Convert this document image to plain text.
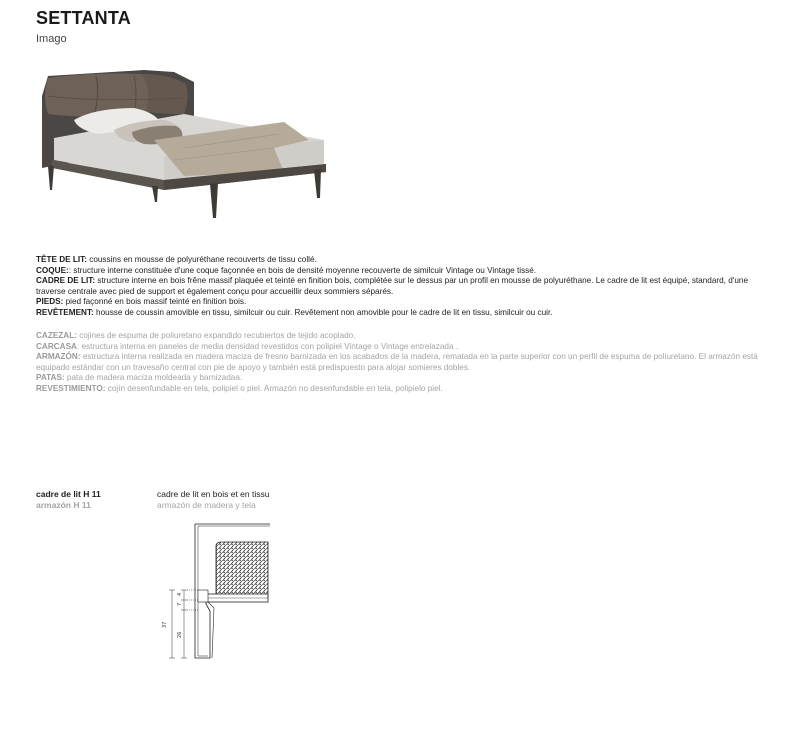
SETTANTA
Imago

TÊTE DE LIT: coussins en mousse de polyuréthane recouverts de tissu collé.

COQUE:: structure interne constituée d'une coque façonnée en bois de densité moyenne recouverte de similcuir Vintage ou Vintage tissé.

CADRE DE LIT: structure interne en bois frêne massif plaquée et teinté en finition bois, complétée sur le dessus par un profil en mousse de polyuréthane. Le cadre de lit est équipé, standard, d'une traverse centrale avec pied de support et également conçu pour accueillir deux sommiers séparés.

PIEDS: pied façonné en bois massif teinté en finition bois.

REVÊTEMENT: housse de coussin amovible en tissu, similcuir ou cuir. Revêtement non amovible pour le cadre de lit en tissu, similcuir ou cuir.

CAZEZAL: cojines de espuma de poliuretano expandido recubiertos de tejido acoplado.

CARCASA: estructura interna en paneles de media densidad revestidos con polipiel Vintage o Vintage entrelazada .

ARMAZÓN: estructura interna realizada en madera maciza de fresno barnizada en los acabados de la madera, rematada en la parte superior con un perfil de espuma de poliuretano. El armazón está equipado estándar con un travesaño central con pie de apoyo y también está predispuesto para alojar somieres dobles.

PATAS: pata de madera maciza moldeada y barnizadaa.

REVESTIMIENTO: cojín desenfundable en tela, polipiel o piel. Armazón no desenfundable en tela, polipielo piel.

cadre de lit H 11
armazón H 11
cadre de lit en bois et en tissu
armazón de madera y tela
37
26
4
7
